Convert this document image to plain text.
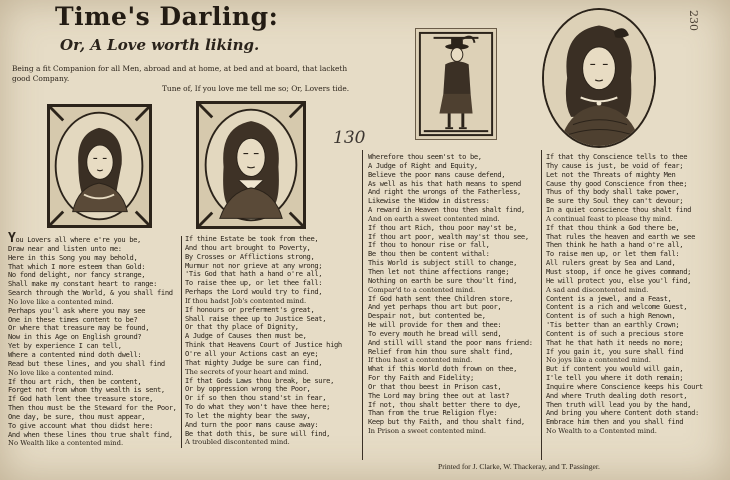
Time's Darling:
Or, A Love worth liking.
Being a fit Companion for all Men, abroad and at home, at bed and at board, that lacketh good Company.
Tune of, If you love me tell me so; Or, Lovers tide.
130
230
You Lovers all where e're you be,
Draw near and listen unto me:
Here in this Song you may behold,
That which I more esteem than Gold:
No fond delight, nor fancy strange,
Shall make my constant heart to range:
Search through the World, & you shall find
No love like a contented mind.
Perhaps you'l ask where you may see
One in these times content to be?
Or where that treasure may be found,
Now in this Age on English ground?
Yet by experience I can tell,
Where a contented mind doth dwell:
Read but these lines, and you shall find
No love like a contented mind.
If thou art rich, then be content,
Forget not from whom thy wealth is sent,
If God hath lent thee treasure store,
Then thou must be the Steward for the Poor,
One day, be sure, thou must appear,
To give account what thou didst here:
And when these lines thou true shalt find,
No Wealth like a contented mind.
If thine Estate be took from thee,
And thou art brought to Poverty,
By Crosses or Afflictions strong,
Murmur not nor grieve at any wrong;
'Tis God that hath a hand o're all,
To raise thee up, or let thee fall:
Perhaps the Lord would try to find,
If thou hadst Job's contented mind.
If honours or preferment's great,
Shall raise thee up to Justice Seat,
Or that thy place of Dignity,
A Judge of Causes then must be,
Think that Heavens Court of Justice high
O're all your Actions cast an eye;
That mighty Judge be sure can find,
The secrets of your heart and mind.
If that Gods Laws thou break, be sure,
Or by oppression wrong the Poor,
Or if so then thou stand'st in fear,
To do what they won't have thee here;
To let the mighty bear the sway,
And turn the poor mans cause away:
Be that doth this, be sure will find,
A troubled discontented mind.
Wherefore thou seem'st to be,
A Judge of Right and Equity,
Believe the poor mans cause defend,
As well as his that hath means to spend
And right the wrongs of the Fatherless,
Likewise the Widow in distress:
A reward in Heaven thou then shalt find,
And on earth a sweet contented mind.
If thou art Rich, thou poor may'st be,
If thou art poor, wealth may'st thou see,
If thou to honour rise or fall,
Be thou then be content withal:
This World is subject still to change,
Then let not thine affections range;
Nothing on earth be sure thou'lt find,
Compar'd to a contented mind.
If God hath sent thee Children store,
And yet perhaps thou art but poor,
Despair not, but contented be,
He will provide for them and thee:
To every mouth he bread will send,
And still will stand the poor mans friend:
Relief from him thou sure shalt find,
If thou hast a contented mind.
What if this World doth frown on thee,
For thy Faith and Fidelity;
Or that thou beest in Prison cast,
The Lord may bring thee out at last?
If not, thou shalt better there to dye,
Than from the true Religion flye:
Keep but thy Faith, and thou shalt find,
In Prison a sweet contented mind.
If that thy Conscience tells to thee
Thy cause is just, be void of fear;
Let not the Threats of mighty Men
Cause thy good Conscience from thee;
Thus of thy body shall take power,
Be sure thy Soul they can't devour;
In a quiet conscience thou shalt find
A continual feast to please thy mind.
If that thou think a God there be,
That rules the heaven and earth we see
Then think he hath a hand o're all,
To raise men up, or let them fall:
All rulers great by Sea and Land,
Must stoop, if once he gives command;
He will protect you, else you'l find,
A sad and discontented mind.
Content is a jewel, and a Feast,
Content is a rich and welcome Guest,
Content is of such a high Renown,
'Tis better than an earthly Crown;
Content is of such a precious store
That he that hath it needs no more;
If you gain it, you sure shall find
No joys like a contented mind.
But if content you would will gain,
I'le tell you where it doth remain;
Inquire where Conscience keeps his Court
And where Truth dealing doth resort,
Then truth will lead you by the hand,
And bring you where Content doth stand:
Embrace him then and you shall find
No Wealth to a Contented mind.
Printed for J. Clarke, W. Thackeray, and T. Passinger.
